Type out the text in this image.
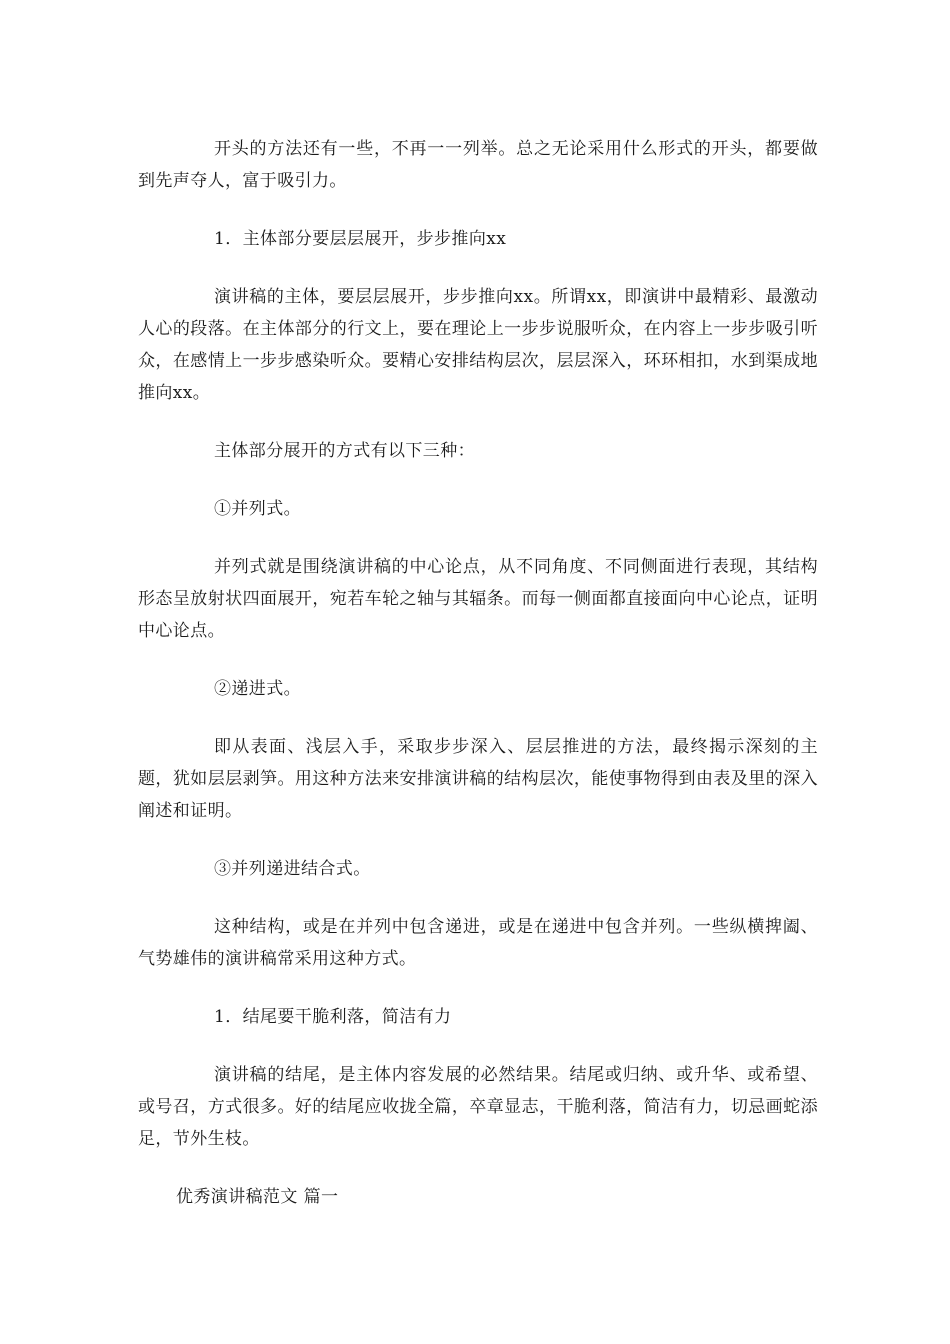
开头的方法还有一些，不再一一列举。总之无论采用什么形式的开头，都要做到先声夺人，富于吸引力。

1．主体部分要层层展开，步步推向xx

演讲稿的主体，要层层展开，步步推向xx。所谓xx，即演讲中最精彩、最激动人心的段落。在主体部分的行文上，要在理论上一步步说服听众，在内容上一步步吸引听众，在感情上一步步感染听众。要精心安排结构层次，层层深入，环环相扣，水到渠成地推向xx。

主体部分展开的方式有以下三种：

①并列式。

并列式就是围绕演讲稿的中心论点，从不同角度、不同侧面进行表现，其结构形态呈放射状四面展开，宛若车轮之轴与其辐条。而每一侧面都直接面向中心论点，证明中心论点。

②递进式。

即从表面、浅层入手，采取步步深入、层层推进的方法，最终揭示深刻的主题，犹如层层剥笋。用这种方法来安排演讲稿的结构层次，能使事物得到由表及里的深入阐述和证明。

③并列递进结合式。

这种结构，或是在并列中包含递进，或是在递进中包含并列。一些纵横捭阖、气势雄伟的演讲稿常采用这种方式。

1．结尾要干脆利落，简洁有力

演讲稿的结尾，是主体内容发展的必然结果。结尾或归纳、或升华、或希望、或号召，方式很多。好的结尾应收拢全篇，卒章显志，干脆利落，简洁有力，切忌画蛇添足，节外生枝。

优秀演讲稿范文 篇一
